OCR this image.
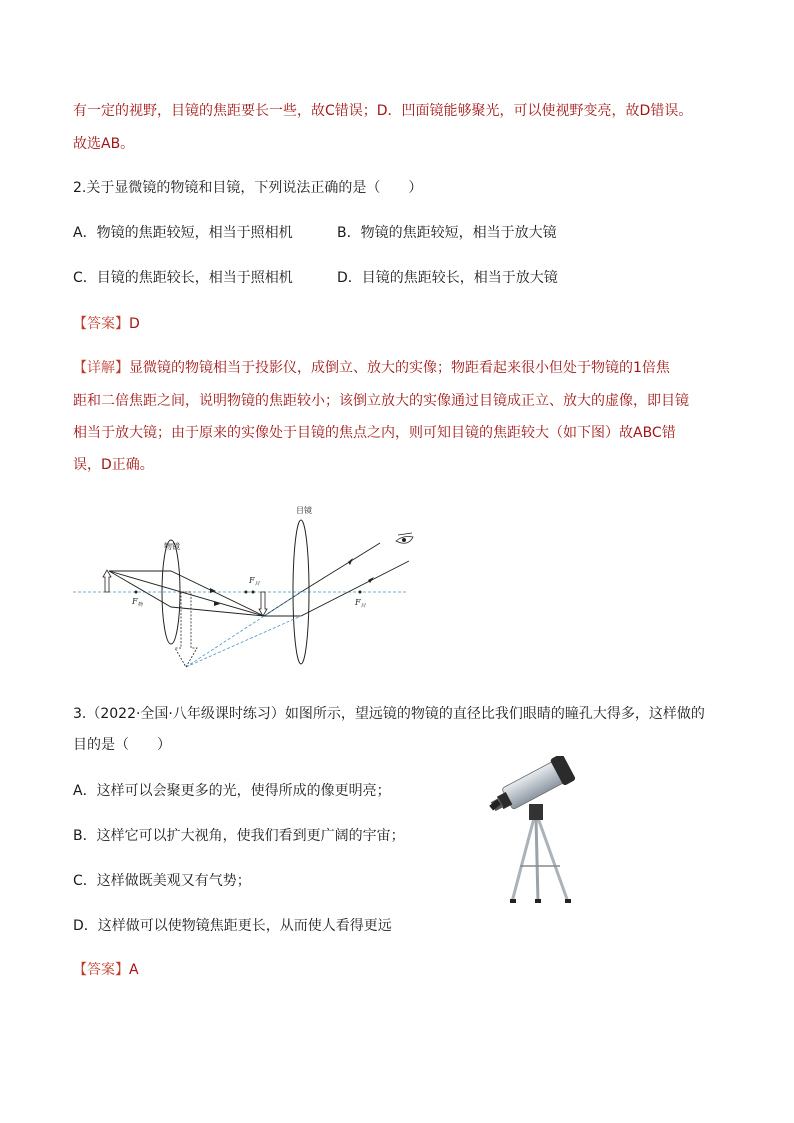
有一定的视野，目镜的焦距要长一些，故C错误；D．凹面镜能够聚光，可以使视野变亮，故D错误。
故选AB。
2.关于显微镜的物镜和目镜，下列说法正确的是（　　）
A．物镜的焦距较短，相当于照相机	B．物镜的焦距较短，相当于放大镜
C．目镜的焦距较长，相当于照相机	D．目镜的焦距较长，相当于放大镜
【答案】D
【详解】显微镜的物镜相当于投影仪，成倒立、放大的实像；物距看起来很小但处于物镜的1倍焦
距和二倍焦距之间，说明物镜的焦距较小；该倒立放大的实像通过目镜成正立、放大的虚像，即目镜
相当于放大镜；由于原来的实像处于目镜的焦点之内，则可知目镜的焦距较大（如下图）故ABC错
误，D正确。
物镜
目镜
$F_物$
$F_目$
$F_目$
3.（2022·全国·八年级课时练习）如图所示，望远镜的物镜的直径比我们眼睛的瞳孔大得多，这样做的
目的是（　　）
A．这样可以会聚更多的光，使得所成的像更明亮；
B．这样它可以扩大视角，使我们看到更广阔的宇宙；
C．这样做既美观又有气势；
D．这样做可以使物镜焦距更长，从而使人看得更远
【答案】A
